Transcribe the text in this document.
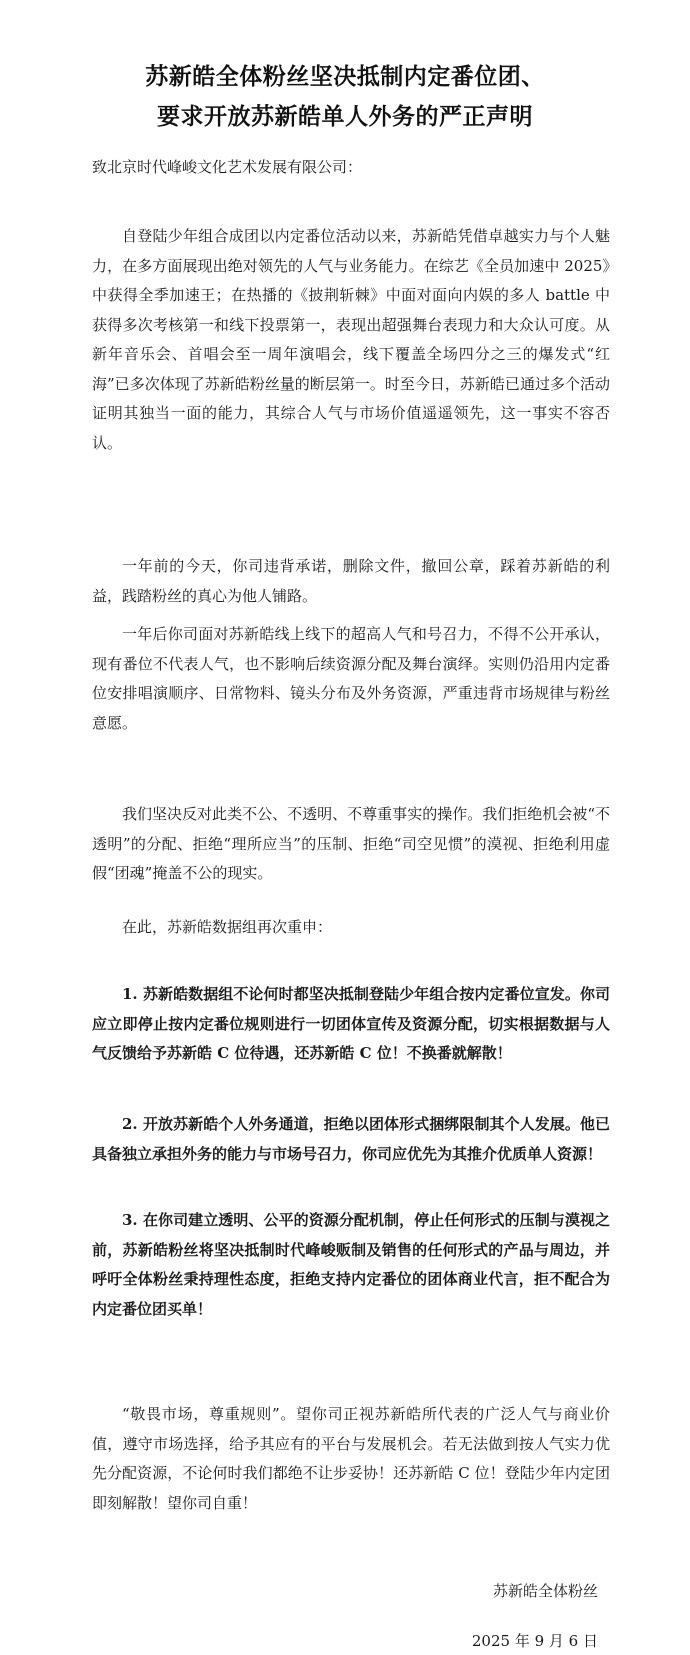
苏新皓全体粉丝坚决抵制内定番位团、
要求开放苏新皓单人外务的严正声明
致北京时代峰峻文化艺术发展有限公司：
自登陆少年组合成团以内定番位活动以来，苏新皓凭借卓越实力与个人魅力，在多方面展现出绝对领先的人气与业务能力。在综艺《全员加速中 2025》中获得全季加速王；在热播的《披荆斩棘》中面对面向内娱的多人 battle 中获得多次考核第一和线下投票第一，表现出超强舞台表现力和大众认可度。从新年音乐会、首唱会至一周年演唱会，线下覆盖全场四分之三的爆发式“红海”已多次体现了苏新皓粉丝量的断层第一。时至今日，苏新皓已通过多个活动证明其独当一面的能力，其综合人气与市场价值遥遥领先，这一事实不容否认。
一年前的今天，你司违背承诺，删除文件，撤回公章，踩着苏新皓的利益，践踏粉丝的真心为他人铺路。
一年后你司面对苏新皓线上线下的超高人气和号召力，不得不公开承认，现有番位不代表人气，也不影响后续资源分配及舞台演绎。实则仍沿用内定番位安排唱演顺序、日常物料、镜头分布及外务资源，严重违背市场规律与粉丝意愿。
我们坚决反对此类不公、不透明、不尊重事实的操作。我们拒绝机会被“不透明”的分配、拒绝“理所应当”的压制、拒绝“司空见惯”的漠视、拒绝利用虚假“团魂”掩盖不公的现实。
在此，苏新皓数据组再次重申：
1. 苏新皓数据组不论何时都坚决抵制登陆少年组合按内定番位宣发。你司应立即停止按内定番位规则进行一切团体宣传及资源分配，切实根据数据与人气反馈给予苏新皓 C 位待遇，还苏新皓 C 位！不换番就解散！
2. 开放苏新皓个人外务通道，拒绝以团体形式捆绑限制其个人发展。他已具备独立承担外务的能力与市场号召力，你司应优先为其推介优质单人资源！
3. 在你司建立透明、公平的资源分配机制，停止任何形式的压制与漠视之前，苏新皓粉丝将坚决抵制时代峰峻贩制及销售的任何形式的产品与周边，并呼吁全体粉丝秉持理性态度，拒绝支持内定番位的团体商业代言，拒不配合为内定番位团买单！
“敬畏市场，尊重规则”。望你司正视苏新皓所代表的广泛人气与商业价值，遵守市场选择，给予其应有的平台与发展机会。若无法做到按人气实力优先分配资源，不论何时我们都绝不让步妥协！还苏新皓 C 位！登陆少年内定团即刻解散！望你司自重！
苏新皓全体粉丝
2025 年 9 月 6 日
